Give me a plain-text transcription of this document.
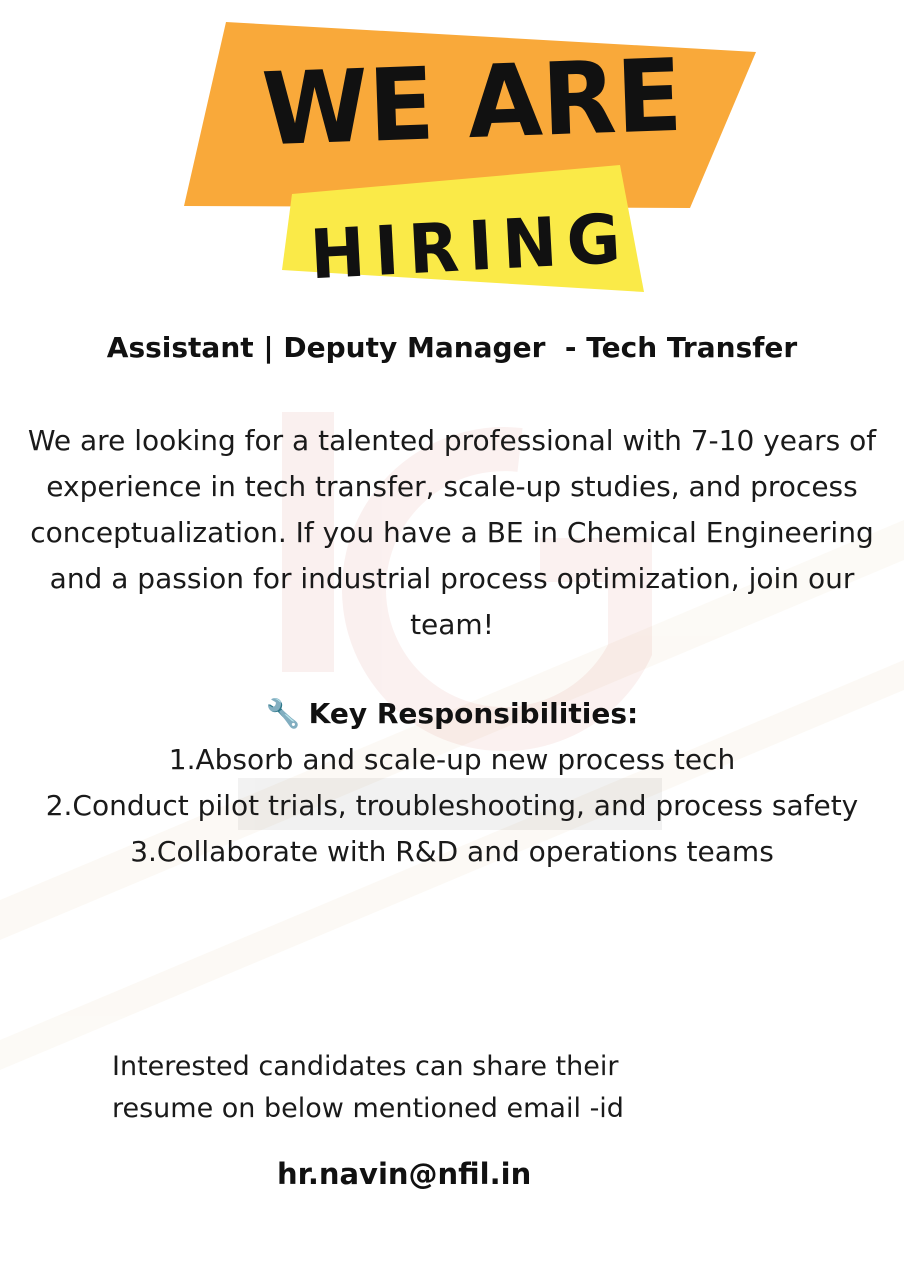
WE ARE
HIRING
Assistant | Deputy Manager  - Tech Transfer

We are looking for a talented professional with 7-10 years of experience in tech transfer, scale-up studies, and process conceptualization. If you have a BE in Chemical Engineering and a passion for industrial process optimization, join our team!

🔧 Key Responsibilities:
1.Absorb and scale-up new process tech
2.Conduct pilot trials, troubleshooting, and process safety
3.Collaborate with R&D and operations teams

Interested candidates can share their
resume on below mentioned email -id

hr.navin@nfil.in
